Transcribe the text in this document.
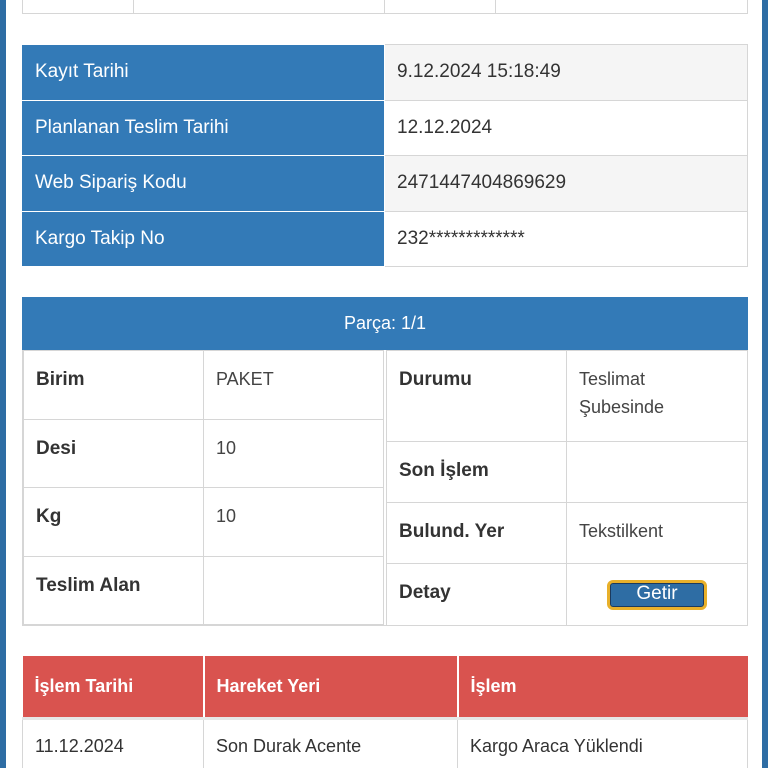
Kayıt Tarihi	9.12.2024 15:18:49
Planlanan Teslim Tarihi	12.12.2024
Web Sipariş Kodu	2471447404869629
Kargo Takip No	232*************
Parça: 1/1
Birim	PAKET
Desi	10
Kg	10
Teslim Alan	
Durumu	Teslimat Şubesinde
Son İşlem	
Bulund. Yer	Tekstilkent
Detay	Getir
İşlem Tarihi	Hareket Yeri	İşlem
11.12.2024	Son Durak Acente	Kargo Araca Yüklendi
